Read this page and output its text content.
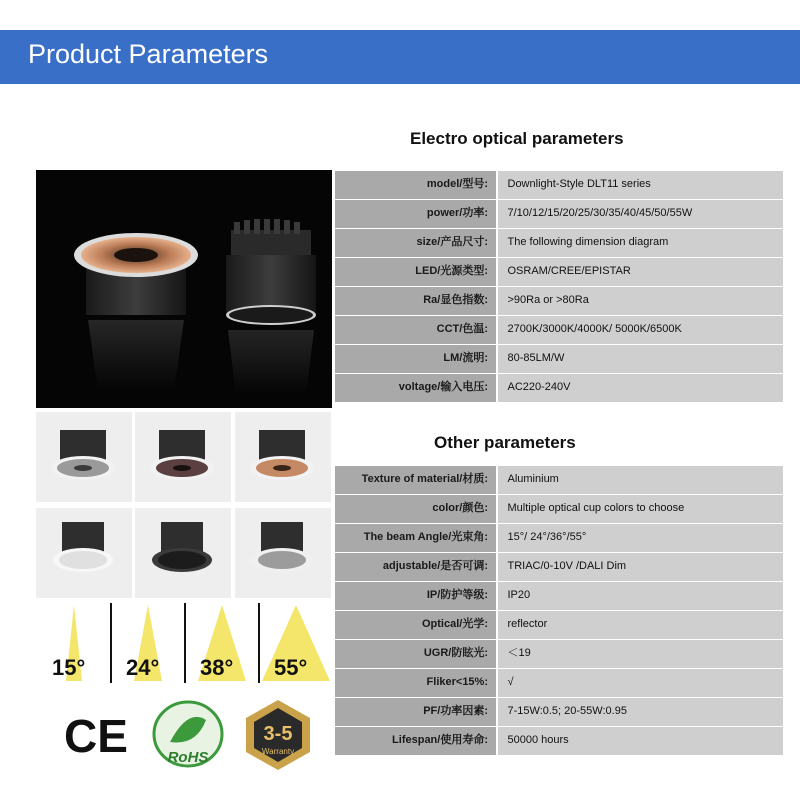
Product Parameters
Electro optical parameters
model/型号:	Downlight-Style DLT11 series
power/功率:	7/10/12/15/20/25/30/35/40/45/50/55W
size/产品尺寸:	The following dimension diagram
LED/光源类型:	OSRAM/CREE/EPISTAR
Ra/显色指数:	>90Ra or >80Ra
CCT/色温:	2700K/3000K/4000K/ 5000K/6500K
LM/流明:	80-85LM/W
voltage/输入电压:	AC220-240V
Other parameters
Texture of material/材质:	Aluminium
color/颜色:	Multiple optical cup colors to choose
The beam Angle/光束角:	15°/ 24°/36°/55°
adjustable/是否可调:	TRIAC/0-10V /DALI Dim
IP/防护等级:	IP20
Optical/光学:	reflector
UGR/防眩光:	＜19
Fliker<15%:	√
PF/功率因素:	7-15W:0.5; 20-55W:0.95
Lifespan/使用寿命:	50000 hours
15° 24° 38° 55°
CE	RoHS
3-5
Warranty
